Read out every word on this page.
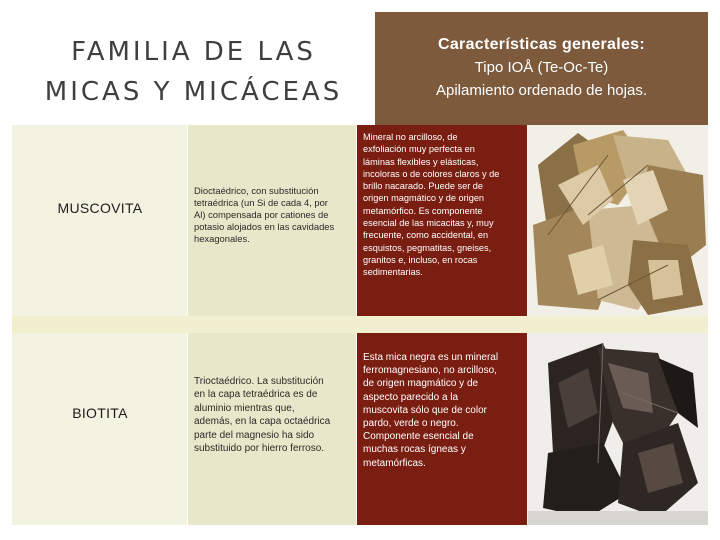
FAMILIA DE LAS
MICAS Y MICÁCEAS
Características generales:
Tipo IOÅ (Te-Oc-Te)
Apilamiento ordenado de hojas.
MUSCOVITA
Dioctaédrico, con substitución
tetraédrica (un Si de cada 4, por
Al) compensada por cationes de
potasio alojados en las cavidades
hexagonales.
Mineral no arcilloso, de
exfoliación muy perfecta en
láminas flexibles y elásticas,
incoloras o de colores claros y de
brillo nacarado. Puede ser de
origen magmático y de origen
metamórfico. Es componente
esencial de las micacitas y, muy
frecuente, como accidental, en
esquistos, pegmatitas, gneises,
granitos e, incluso, en rocas
sedimentarias.
BIOTITA
Trioctaédrico. La substitución
en la capa tetraédrica es de
aluminio mientras que,
además, en la capa octaédrica
parte del magnesio ha sido
substituido por hierro ferroso.
Esta mica negra es un mineral
ferromagnesiano, no arcilloso,
de origen magmático y de
aspecto parecido a la
muscovita sólo que de color
pardo, verde o negro.
Componente esencial de
muchas rocas ígneas y
metamórficas.
